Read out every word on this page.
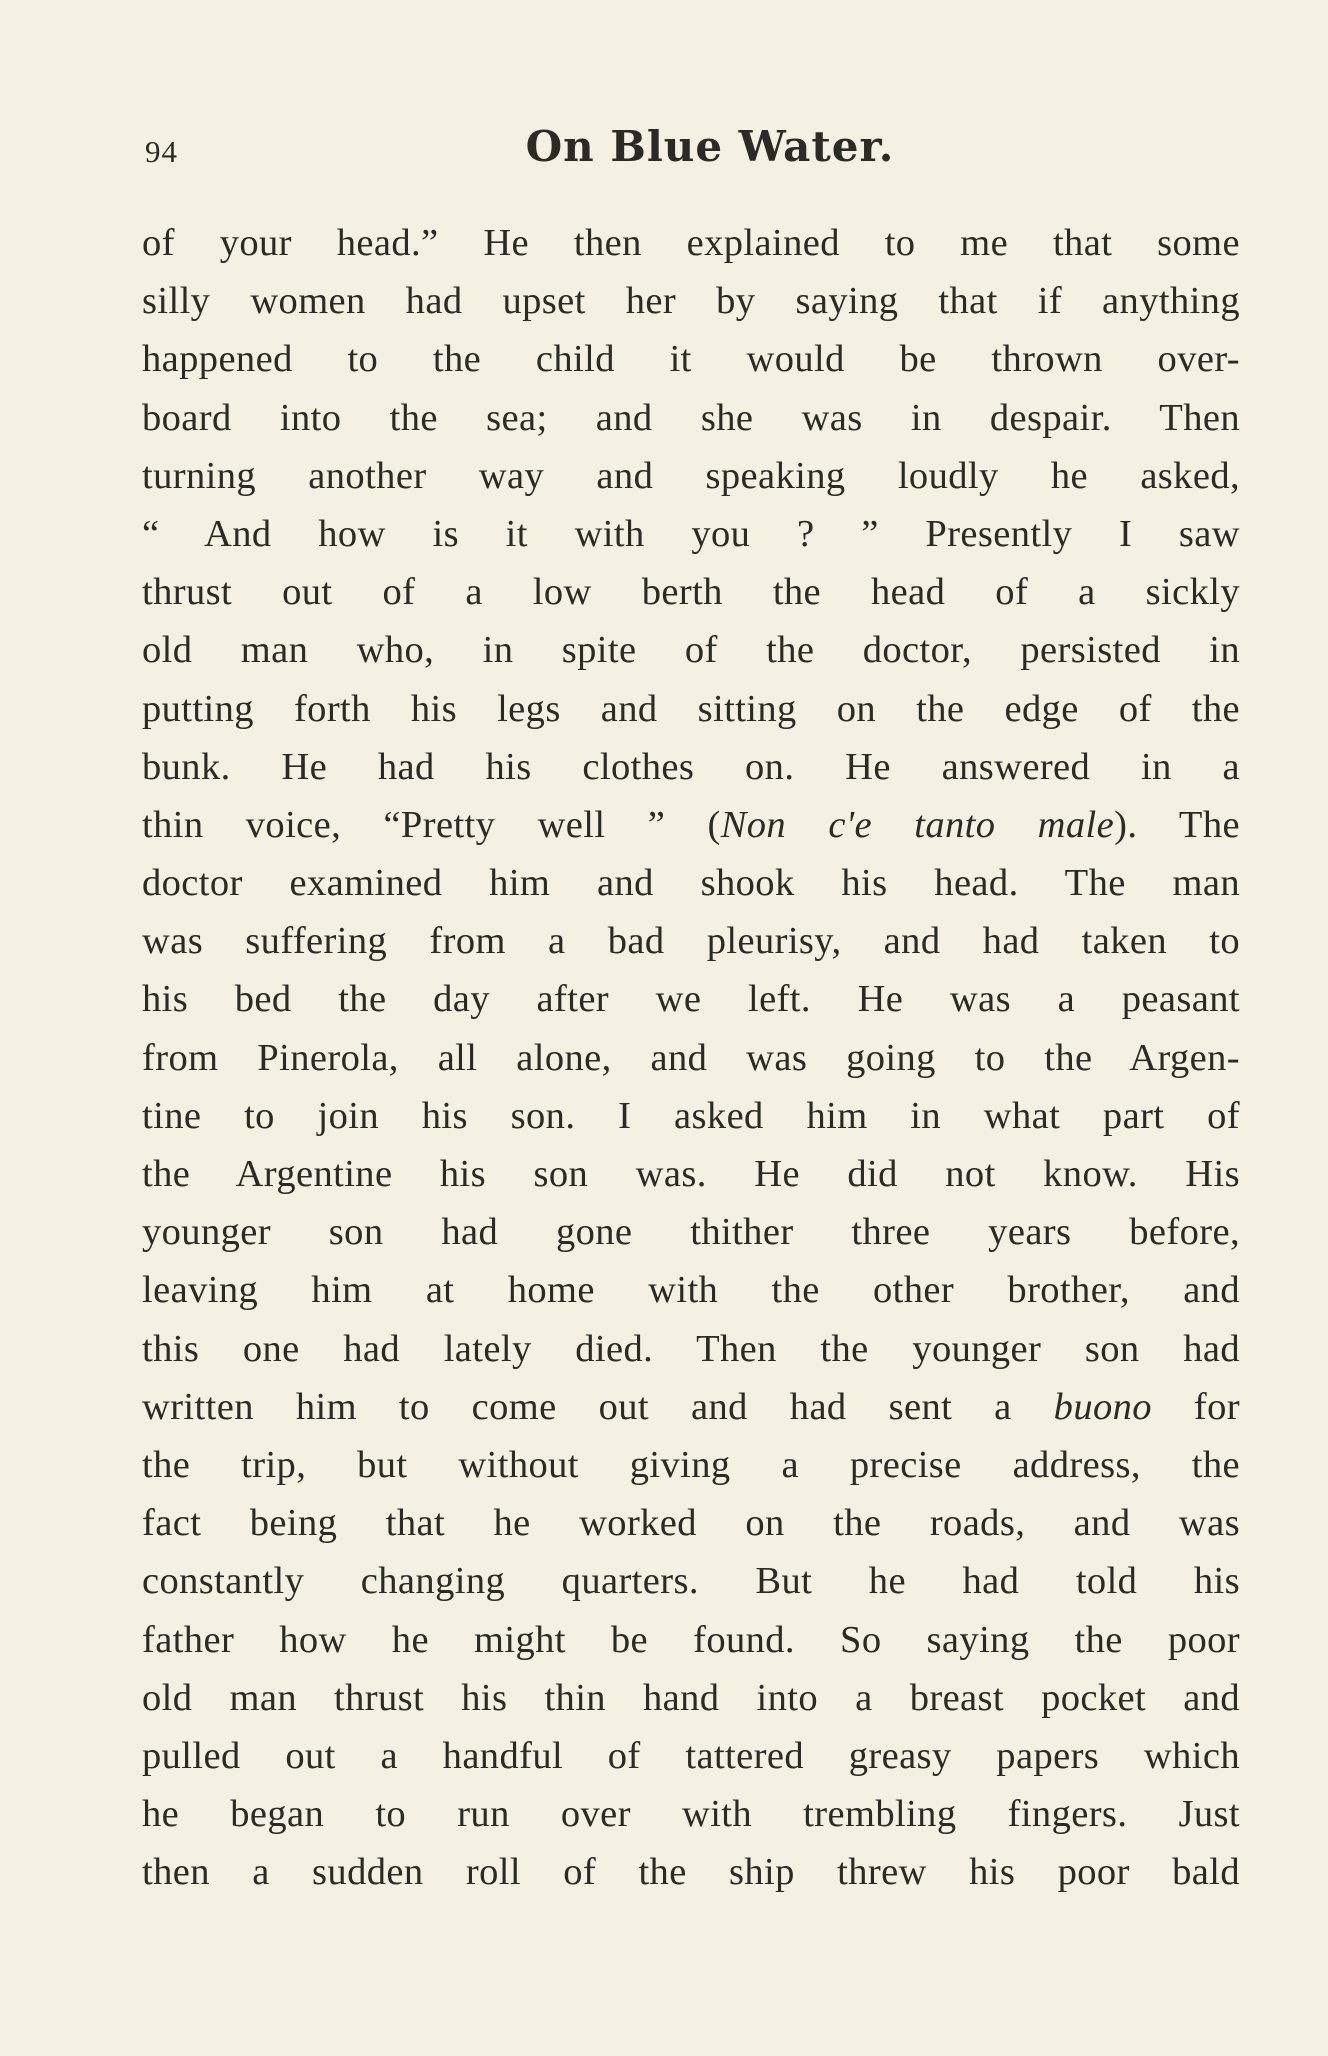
94	On Blue Water.
of your head.” He then explained to me that some
silly women had upset her by saying that if anything
happened to the child it would be thrown over-
board into the sea; and she was in despair. Then
turning another way and speaking loudly he asked,
“ And how is it with you ? ” Presently I saw
thrust out of a low berth the head of a sickly
old man who, in spite of the doctor, persisted in
putting forth his legs and sitting on the edge of the
bunk. He had his clothes on. He answered in a
thin voice, “Pretty well ” (Non c'e tanto male). The
doctor examined him and shook his head. The man
was suffering from a bad pleurisy, and had taken to
his bed the day after we left. He was a peasant
from Pinerola, all alone, and was going to the Argen-
tine to join his son. I asked him in what part of
the Argentine his son was. He did not know. His
younger son had gone thither three years before,
leaving him at home with the other brother, and
this one had lately died. Then the younger son had
written him to come out and had sent a buono for
the trip, but without giving a precise address, the
fact being that he worked on the roads, and was
constantly changing quarters. But he had told his
father how he might be found. So saying the poor
old man thrust his thin hand into a breast pocket and
pulled out a handful of tattered greasy papers which
he began to run over with trembling fingers. Just
then a sudden roll of the ship threw his poor bald
